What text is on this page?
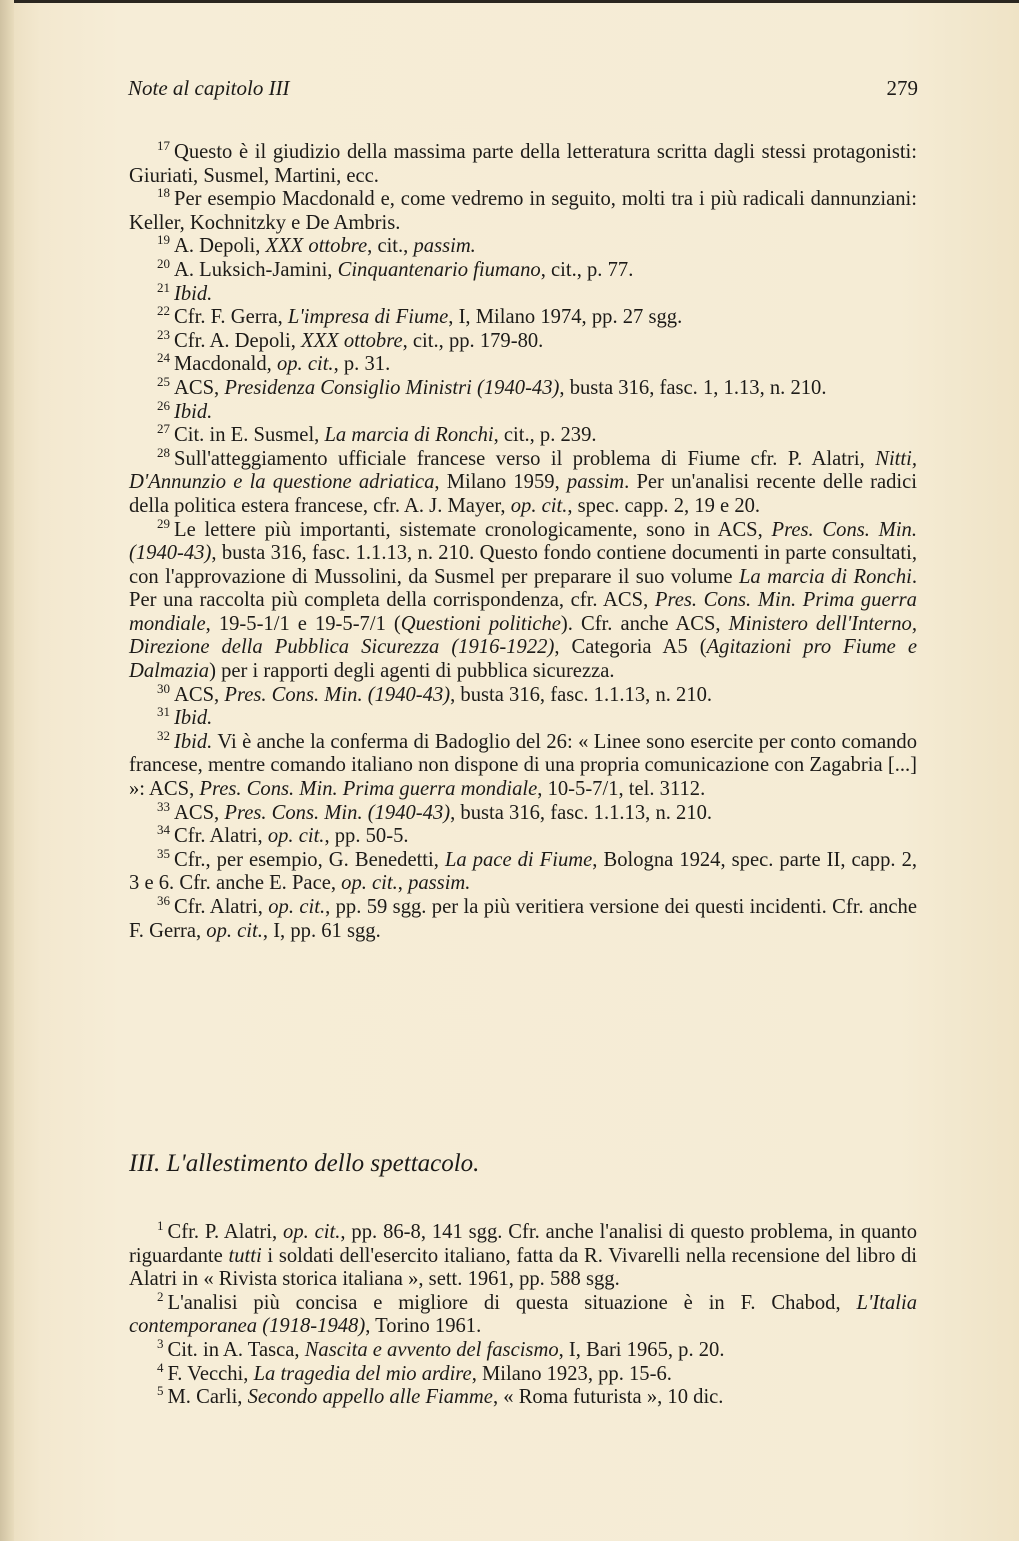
Note al capitolo III	279

$^{17}$ Questo è il giudizio della massima parte della letteratura scritta dagli stessi protagonisti: Giuriati, Susmel, Martini, ecc.

$^{18}$ Per esempio Macdonald e, come vedremo in seguito, molti tra i più radicali dannunziani: Keller, Kochnitzky e De Ambris.

$^{19}$ A. Depoli, XXX ottobre, cit., passim.

$^{20}$ A. Luksich-Jamini, Cinquantenario fiumano, cit., p. 77.

$^{21}$ Ibid.

$^{22}$ Cfr. F. Gerra, L'impresa di Fiume, I, Milano 1974, pp. 27 sgg.

$^{23}$ Cfr. A. Depoli, XXX ottobre, cit., pp. 179-80.

$^{24}$ Macdonald, op. cit., p. 31.

$^{25}$ ACS, Presidenza Consiglio Ministri (1940-43), busta 316, fasc. 1, 1.13, n. 210.

$^{26}$ Ibid.

$^{27}$ Cit. in E. Susmel, La marcia di Ronchi, cit., p. 239.

$^{28}$ Sull'atteggiamento ufficiale francese verso il problema di Fiume cfr. P. Alatri, Nitti, D'Annunzio e la questione adriatica, Milano 1959, passim. Per un'analisi recente delle radici della politica estera francese, cfr. A. J. Mayer, op. cit., spec. capp. 2, 19 e 20.

$^{29}$ Le lettere più importanti, sistemate cronologicamente, sono in ACS, Pres. Cons. Min. (1940-43), busta 316, fasc. 1.1.13, n. 210. Questo fondo contiene documenti in parte consultati, con l'approvazione di Mussolini, da Susmel per preparare il suo volume La marcia di Ronchi. Per una raccolta più completa della corrispondenza, cfr. ACS, Pres. Cons. Min. Prima guerra mondiale, 19-5-1/1 e 19-5-7/1 (Questioni politiche). Cfr. anche ACS, Ministero dell'Interno, Direzione della Pubblica Sicurezza (1916-1922), Categoria A5 (Agitazioni pro Fiume e Dalmazia) per i rapporti degli agenti di pubblica sicurezza.

$^{30}$ ACS, Pres. Cons. Min. (1940-43), busta 316, fasc. 1.1.13, n. 210.

$^{31}$ Ibid.

$^{32}$ Ibid. Vi è anche la conferma di Badoglio del 26: « Linee sono esercite per conto comando francese, mentre comando italiano non dispone di una propria comunicazione con Zagabria [...] »: ACS, Pres. Cons. Min. Prima guerra mondiale, 10-5-7/1, tel. 3112.

$^{33}$ ACS, Pres. Cons. Min. (1940-43), busta 316, fasc. 1.1.13, n. 210.

$^{34}$ Cfr. Alatri, op. cit., pp. 50-5.

$^{35}$ Cfr., per esempio, G. Benedetti, La pace di Fiume, Bologna 1924, spec. parte II, capp. 2, 3 e 6. Cfr. anche E. Pace, op. cit., passim.

$^{36}$ Cfr. Alatri, op. cit., pp. 59 sgg. per la più veritiera versione dei questi incidenti. Cfr. anche F. Gerra, op. cit., I, pp. 61 sgg.

III. L'allestimento dello spettacolo.

$^1$ Cfr. P. Alatri, op. cit., pp. 86-8, 141 sgg. Cfr. anche l'analisi di questo problema, in quanto riguardante tutti i soldati dell'esercito italiano, fatta da R. Vivarelli nella recensione del libro di Alatri in « Rivista storica italiana », sett. 1961, pp. 588 sgg.

$^2$ L'analisi più concisa e migliore di questa situazione è in F. Chabod, L'Italia contemporanea (1918-1948), Torino 1961.

$^3$ Cit. in A. Tasca, Nascita e avvento del fascismo, I, Bari 1965, p. 20.

$^4$ F. Vecchi, La tragedia del mio ardire, Milano 1923, pp. 15-6.

$^5$ M. Carli, Secondo appello alle Fiamme, « Roma futurista », 10 dic.
